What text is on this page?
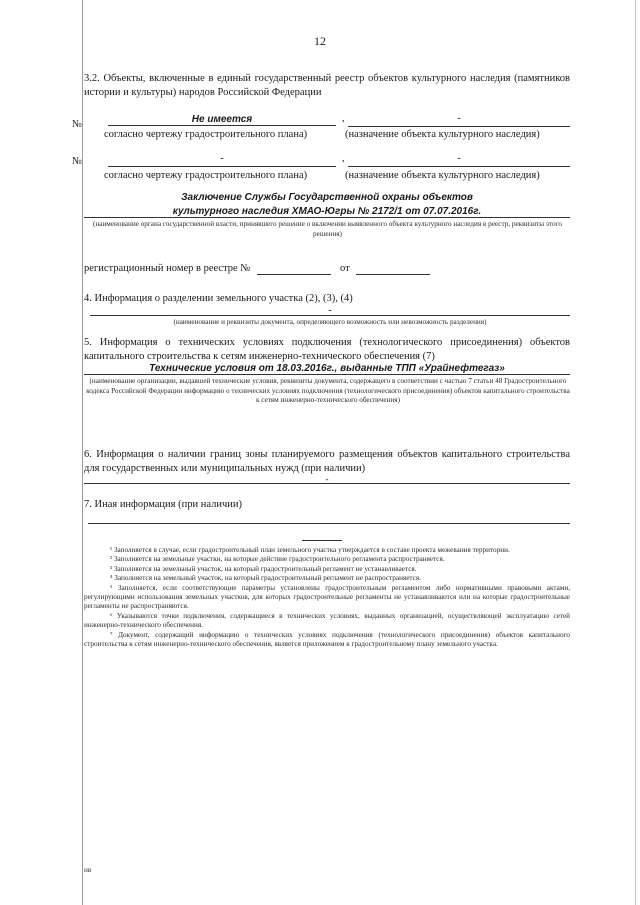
12
3.2. Объекты, включенные в единый государственный реестр объектов культурного наследия (памятников истории и культуры) народов Российской Федерации
№	Не имеется	,	-
согласно чертежу градостроительного плана)	(назначение объекта культурного наследия)
№	-	,	-
согласно чертежу градостроительного плана)	(назначение объекта культурного наследия)
Заключение Службы Государственной охраны объектов
культурного наследия ХМАО-Югры № 2172/1 от 07.07.2016г.
(наименование органа государственной власти, принявшего решение о включении выявленного объекта культурного наследия в реестр, реквизиты этого решения)
регистрационный номер в реестре №	от
4. Информация о разделении земельного участка (2), (3), (4)
-
(наименование и реквизиты документа, определяющего возможность или невозможность разделения)
5. Информация о технических условиях подключения (технологического присоединения) объектов капитального строительства к сетям инженерно-технического обеспечения (7)
Технические условия от 18.03.2016г., выданные ТПП «Урайнефтегаз»
(наименование организации, выдавшей технические условия, реквизиты документа, содержащего в соответствии с частью 7 статьи 48 Градостроительного кодекса Российской Федерации информацию о технических условиях подключения (технологического присоединения) объектов капитального строительства к сетям инженерно-технического обеспечения)
6. Информация о наличии границ зоны планируемого размещения объектов капитального строительства для государственных или муниципальных нужд (при наличии)
-
7. Иная информация (при наличии)
¹ Заполняется в случае, если градостроительный план земельного участка утверждается в составе проекта межевания территории.
² Заполняется на земельные участки, на которые действие градостроительного регламента распространяется.
³ Заполняется на земельный участок, на который градостроительный регламент не устанавливается.
⁴ Заполняется на земельный участок, на который градостроительный регламент не распространяется.
⁵ Заполняется, если соответствующие параметры установлены градостроительным регламентом либо нормативными правовыми актами, регулирующими использования земельных участков, для которых градостроительные регламенты не устанавливаются или на которые градостроительные регламенты не распространяются.
⁶ Указываются точки подключения, содержащиеся в технических условиях, выданных организацией, осуществляющей эксплуатацию сетей инженерно-технического обеспечения.
⁷ Документ, содержащий информацию о технических условиях подключения (технологического присоединения) объектов капитального строительства к сетям инженерно-технического обеспечения, является приложением к градостроительному плану земельного участка.
нв
